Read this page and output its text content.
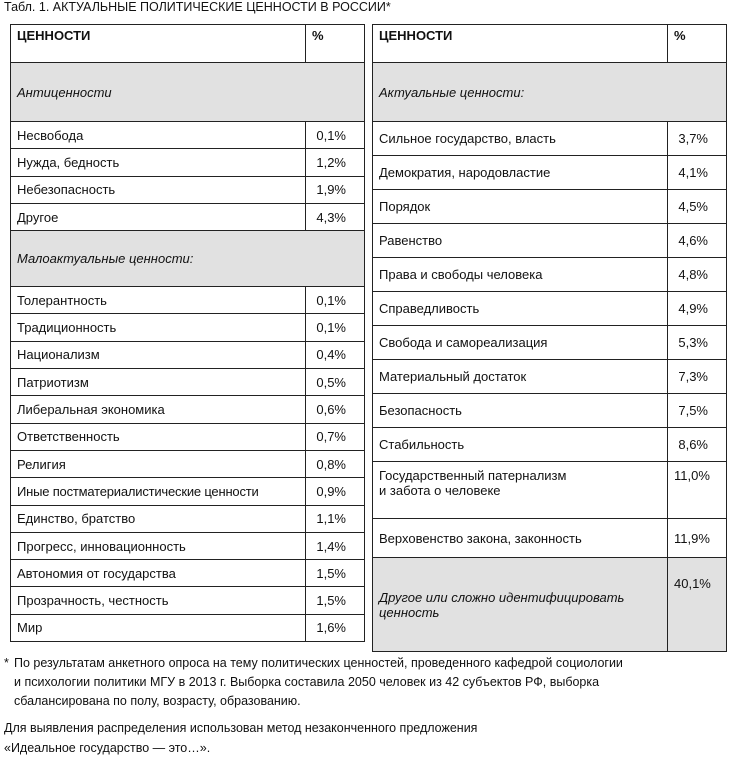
Табл. 1. АКТУАЛЬНЫЕ ПОЛИТИЧЕСКИЕ ЦЕННОСТИ В РОССИИ*
ЦЕННОСТИ	%
Антиценности	
Несвобода	0,1%
Нужда, бедность	1,2%
Небезопасность	1,9%
Другое	4,3%
Малоактуальные ценности:	
Толерантность	0,1%
Традиционность	0,1%
Национализм	0,4%
Патриотизм	0,5%
Либеральная экономика	0,6%
Ответственность	0,7%
Религия	0,8%
Иные постматериалистические ценности	0,9%
Единство, братство	1,1%
Прогресс, инновационность	1,4%
Автономия от государства	1,5%
Прозрачность, честность	1,5%
Мир	1,6%
ЦЕННОСТИ	%
Актуальные ценности:	
Сильное государство, власть	3,7%
Демократия, народовластие	4,1%
Порядок	4,5%
Равенство	4,6%
Права и свободы человека	4,8%
Справедливость	4,9%
Свобода и самореализация	5,3%
Материальный достаток	7,3%
Безопасность	7,5%
Стабильность	8,6%

Государственный патернализм
и забота о человеке	11,0%
Верховенство закона, законность	11,9%

Другое или сложно идентифицировать
ценность	40,1%
* По результатам анкетного опроса на тему политических ценностей, проведенного кафедрой социологии
и психологии политики МГУ в 2013 г. Выборка составила 2050 человек из 42 субъектов РФ, выборка
сбалансирована по полу, возрасту, образованию.
Для выявления распределения использован метод незаконченного предложения
«Идеальное государство — это…».
